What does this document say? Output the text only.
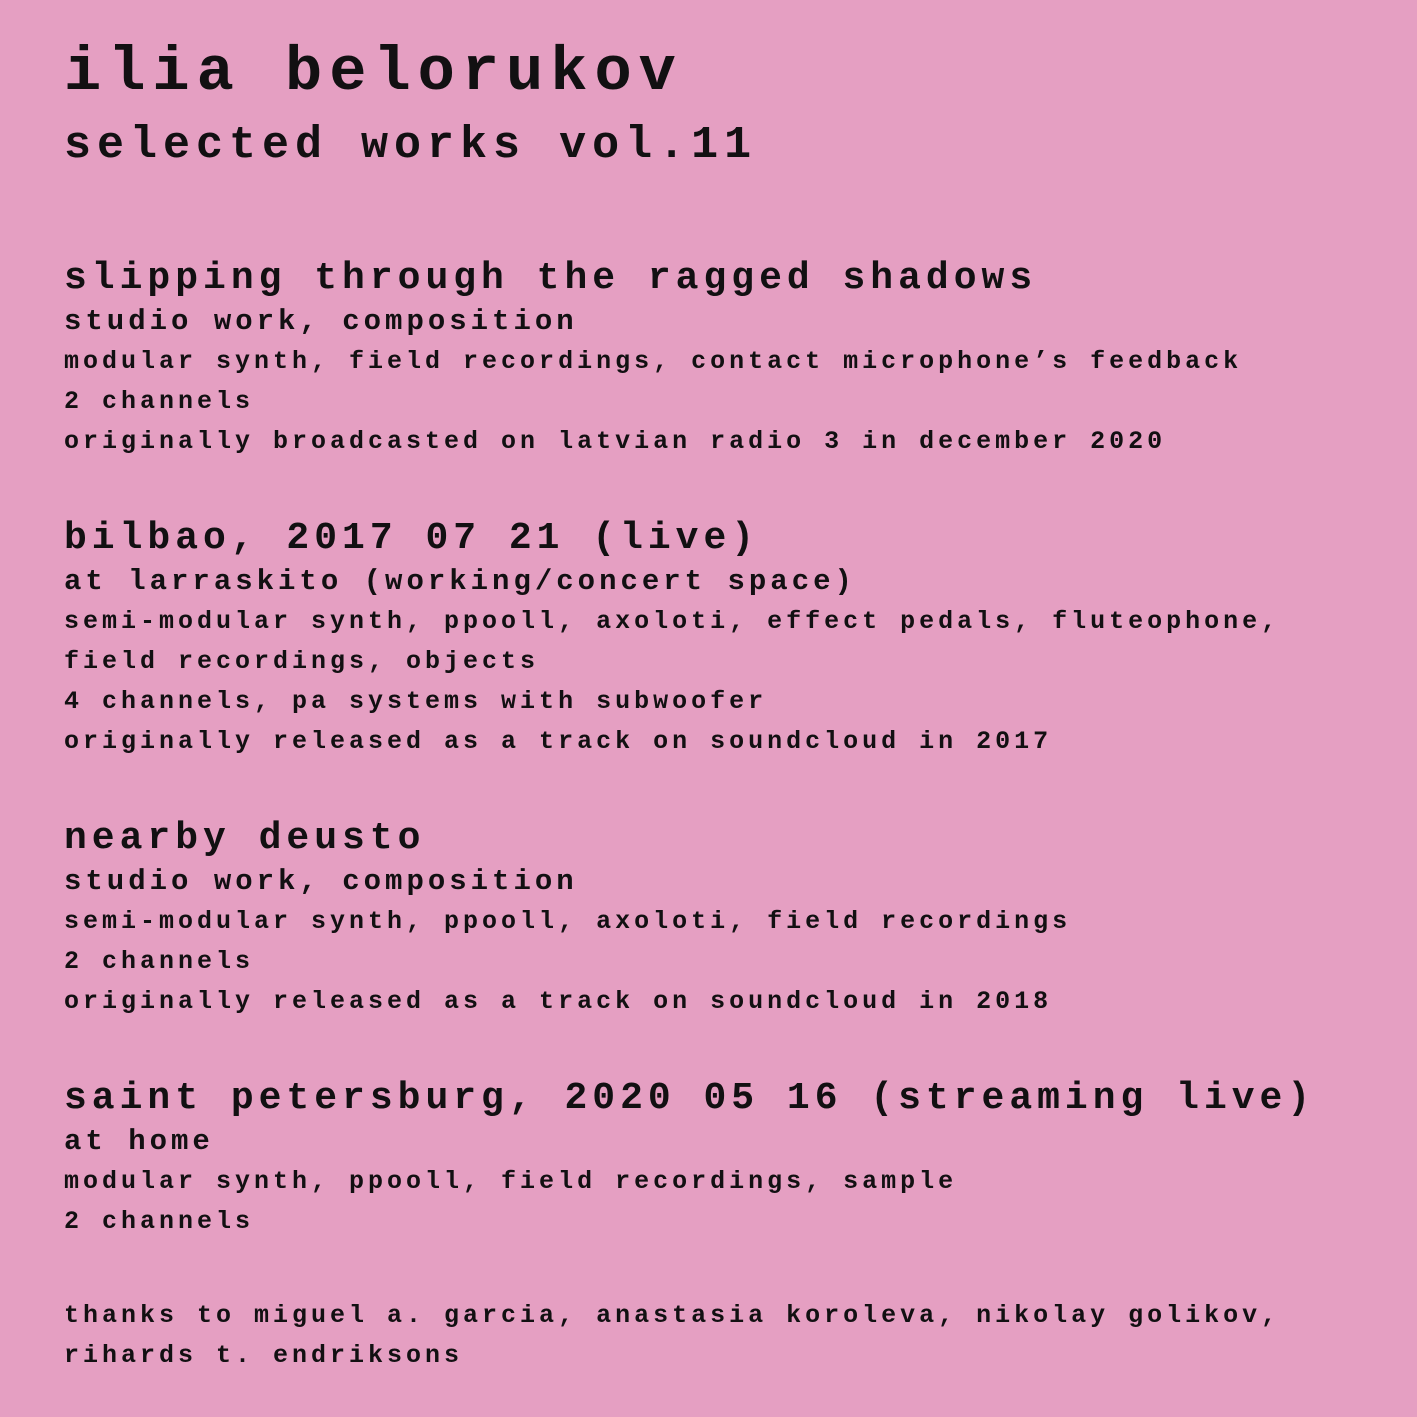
ilia belorukov
selected works vol.11

slipping through the ragged shadows

studio work, composition

modular synth, field recordings, contact microphone’s feedback

2 channels

originally broadcasted on latvian radio 3 in december 2020

bilbao, 2017 07 21 (live)

at larraskito (working/concert space)

semi-modular synth, ppooll, axoloti, effect pedals, fluteophone,

field recordings, objects

4 channels, pa systems with subwoofer

originally released as a track on soundcloud in 2017

nearby deusto

studio work, composition

semi-modular synth, ppooll, axoloti, field recordings

2 channels

originally released as a track on soundcloud in 2018

saint petersburg, 2020 05 16 (streaming live)

at home

modular synth, ppooll, field recordings, sample

2 channels

thanks to miguel a. garcia, anastasia koroleva, nikolay golikov,

rihards t. endriksons
